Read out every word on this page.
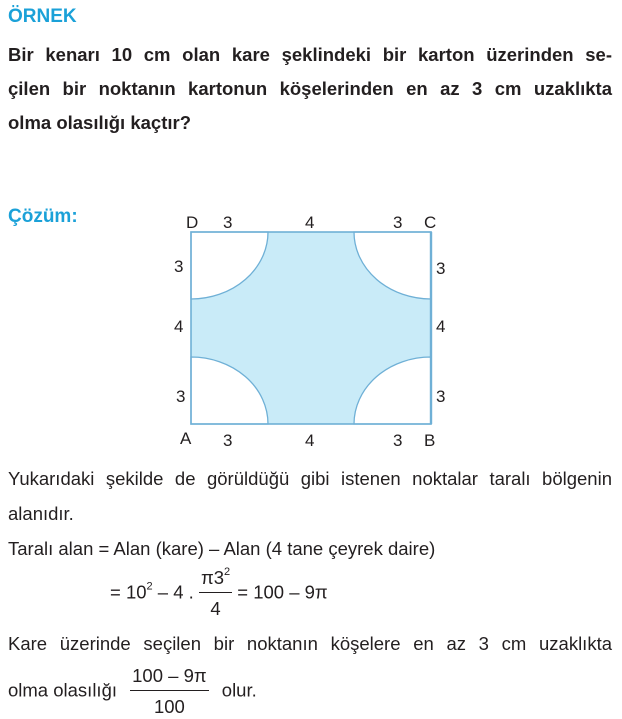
ÖRNEK
Bir kenarı 10 cm olan kare şeklindeki bir karton üzerinden se-
çilen bir noktanın kartonun köşelerinden en az 3 cm uzaklıkta
olma olasılığı kaçtır?
Çözüm:	D	C
A	B
3	4	3
3	4	3
3
4
3
3
4
3
Yukarıdaki şekilde de görüldüğü gibi istenen noktalar taralı bölgenin
alanıdır.
Taralı alan = Alan (kare) – Alan (4 tane çeyrek daire)
= $10^2 - 4$ . $\frac{\pi 3^2}{4} = 100 - 9\pi$
Kare üzerinde seçilen bir noktanın köşelere en az 3 cm uzaklıkta
olma olasılığı $\frac{100 - 9\pi}{100}$ olur.
